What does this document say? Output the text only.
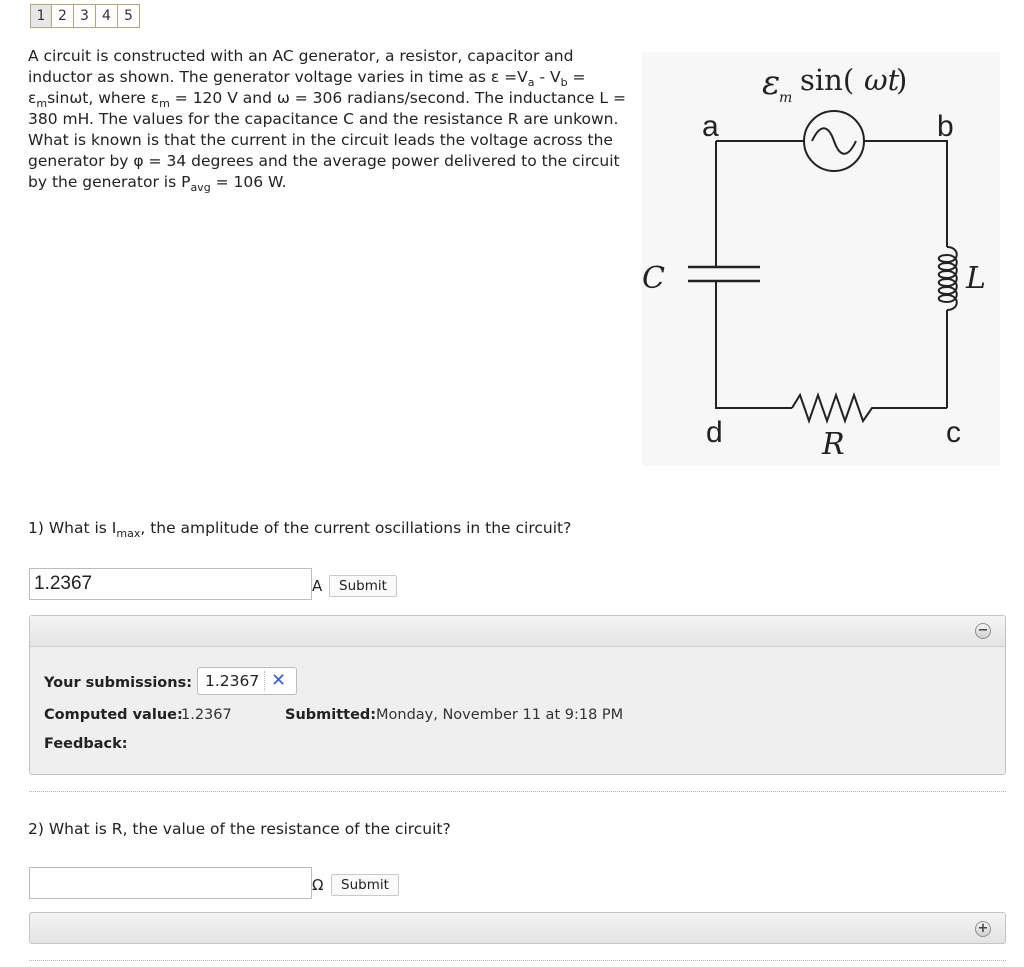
1 2 3 4 5
A circuit is constructed with an AC generator, a resistor, capacitor and inductor as shown. The generator voltage varies in time as $\varepsilon =V_a - V_b = \varepsilon_m\sin\omega t$, where $\varepsilon_m = 120$ V and ω = 306 radians/second. The inductance L = 380 mH. The values for the capacitance C and the resistance R are unkown. What is known is that the current in the circuit leads the voltage across the generator by φ = 34 degrees and the average power delivered to the circuit by the generator is $P_{avg} = 106$ W.
ε
m
sin( ωt
)
C	L
R
a	b
d	c
1) What is $I_{max}$, the amplitude of the current oscillations in the circuit?
1.2367
A	Submit
−
Your submissions: 1.2367 ✕
Computed value:
1.2367	Submitted: Monday, November 11 at 9:18 PM
Feedback:
2) What is R, the value of the resistance of the circuit?
Ω	Submit
+
